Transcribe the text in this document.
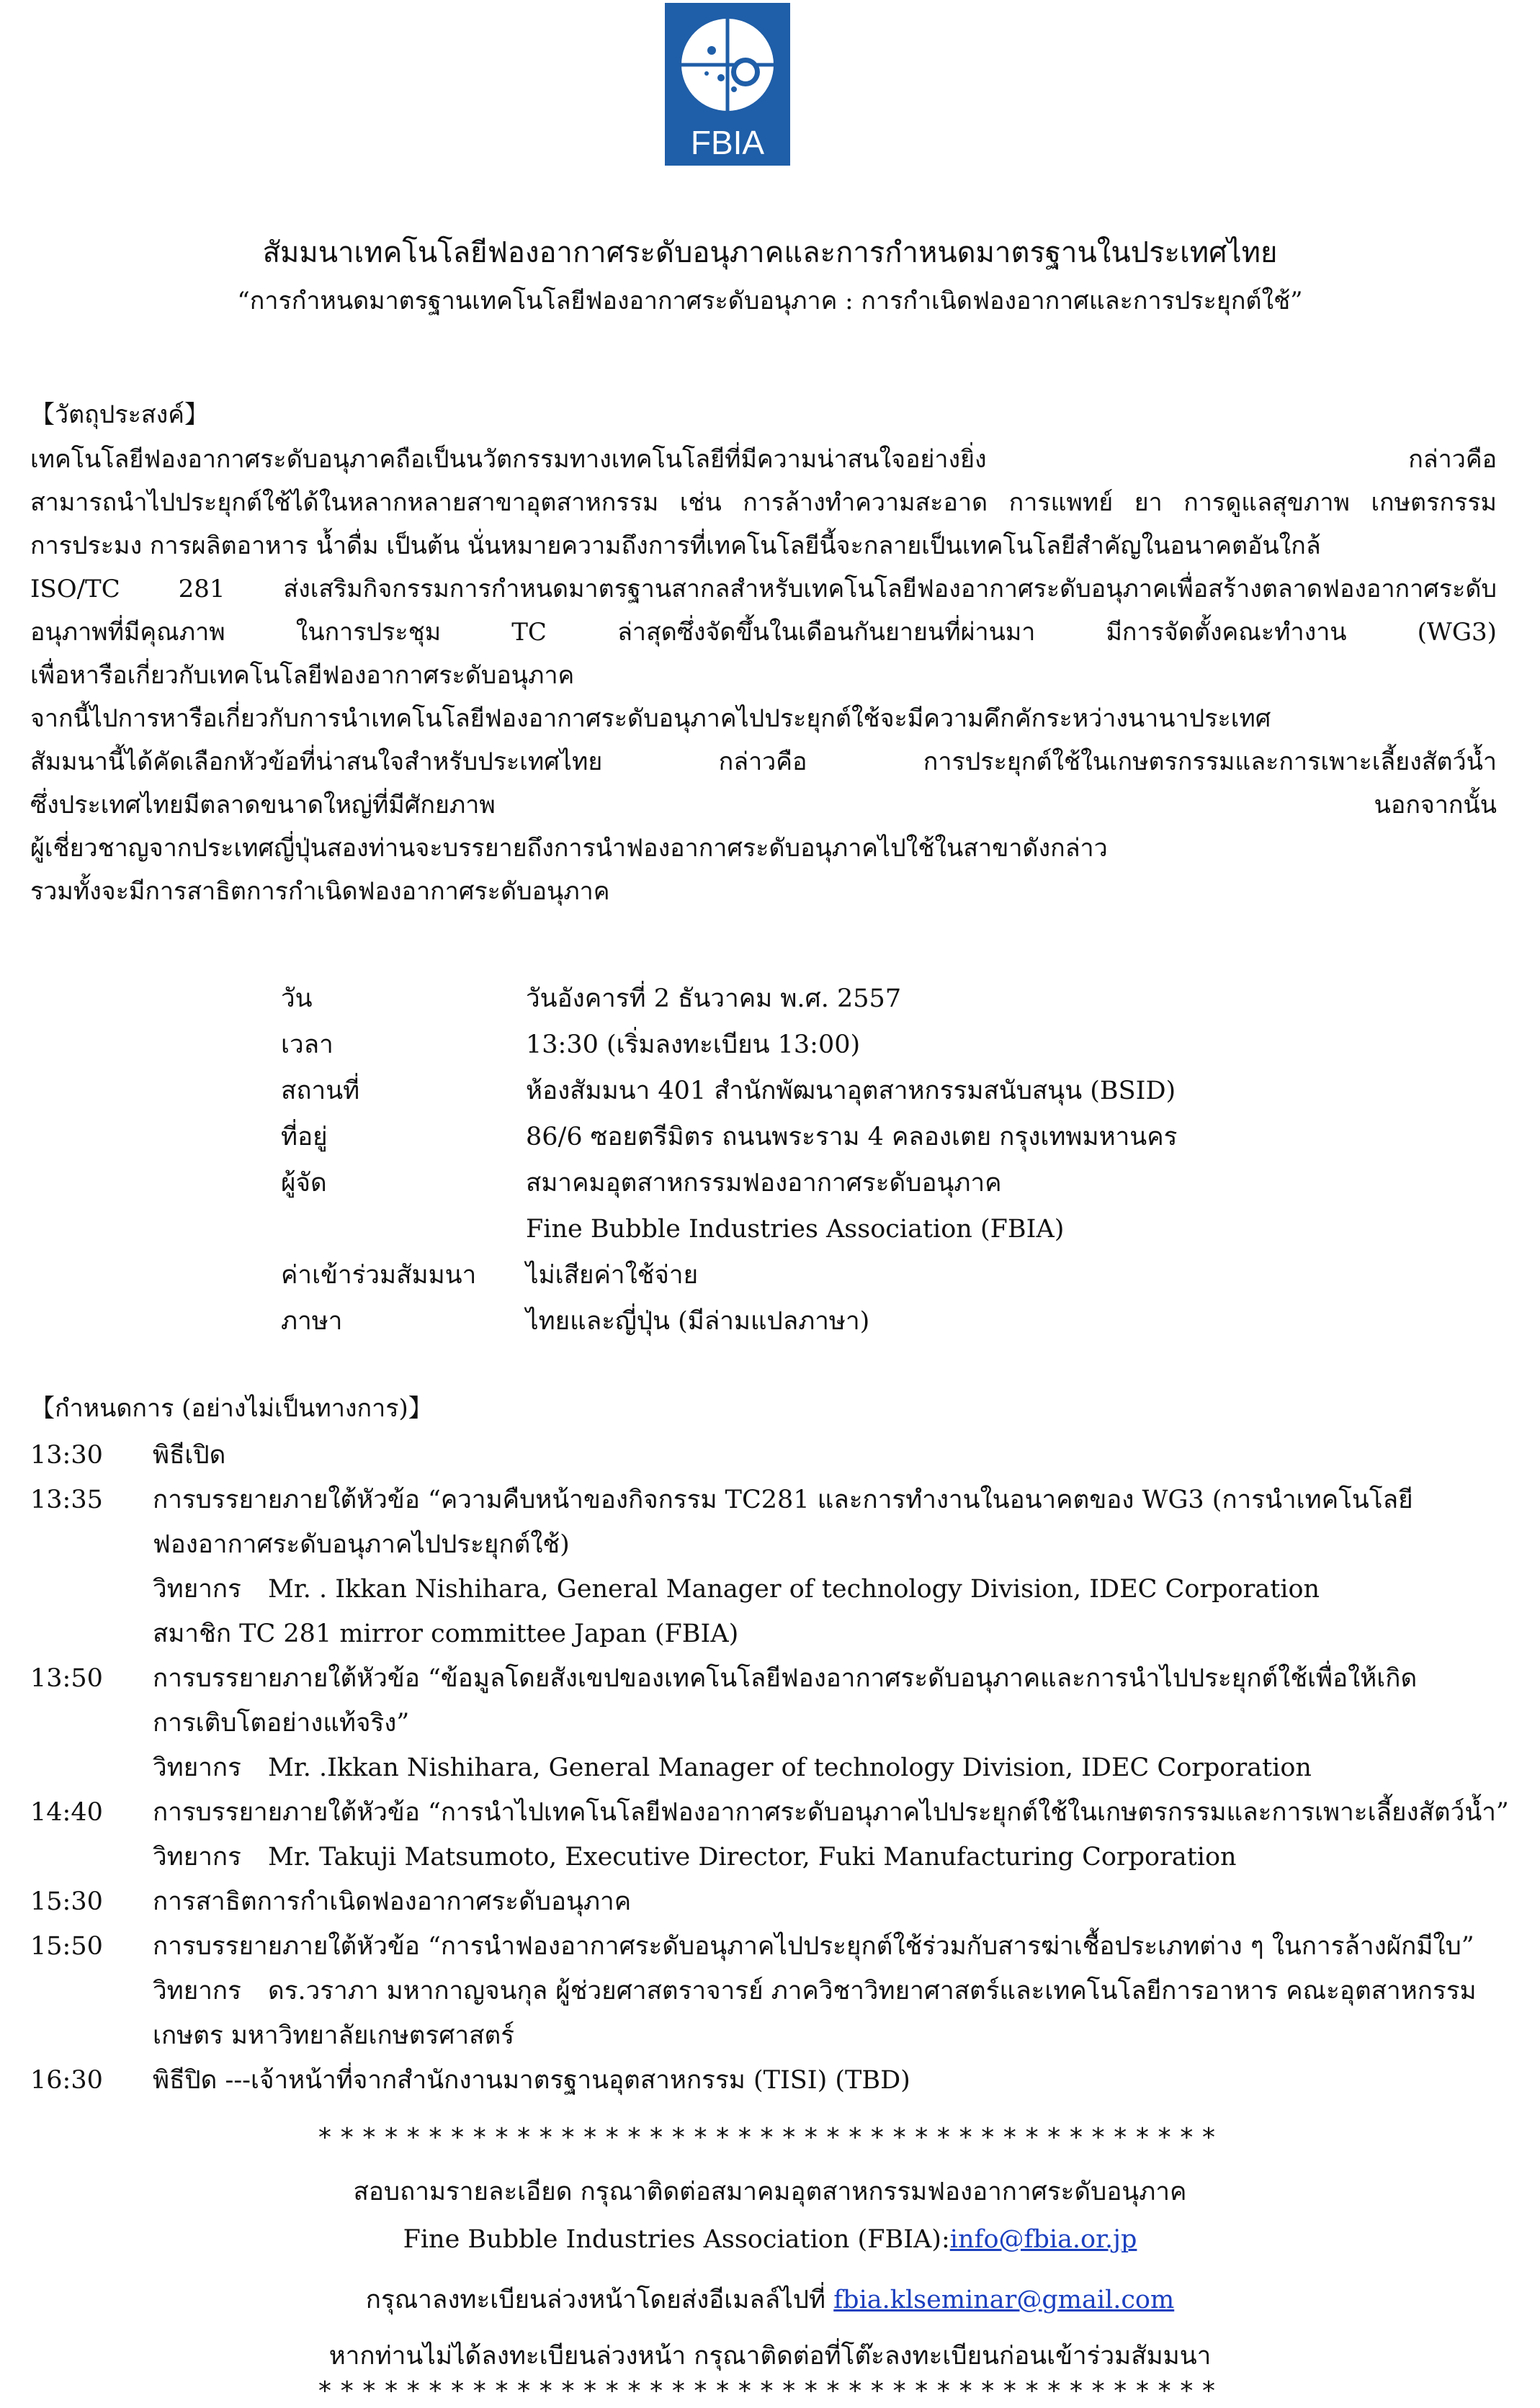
FBIA
สัมมนาเทคโนโลยีฟองอากาศระดับอนุภาคและการกำหนดมาตรฐานในประเทศไทย
“การกำหนดมาตรฐานเทคโนโลยีฟองอากาศระดับอนุภาค : การกำเนิดฟองอากาศและการประยุกต์ใช้”
【วัตถุประสงค์】
เทคโนโลยีฟองอากาศระดับอนุภาคถือเป็นนวัตกรรมทางเทคโนโลยีที่มีความน่าสนใจอย่างยิ่ง	กล่าวคือ
สามารถนำไปประยุกต์ใช้ได้ในหลากหลายสาขาอุตสาหกรรม เช่น การล้างทำความสะอาด การแพทย์ ยา การดูแลสุขภาพ เกษตรกรรม
การประมง การผลิตอาหาร น้ำดื่ม เป็นต้น นั่นหมายความถึงการที่เทคโนโลยีนี้จะกลายเป็นเทคโนโลยีสำคัญในอนาคตอันใกล้
ISO/TC 281 ส่งเสริมกิจกรรมการกำหนดมาตรฐานสากลสำหรับเทคโนโลยีฟองอากาศระดับอนุภาคเพื่อสร้างตลาดฟองอากาศระดับ
อนุภาพที่มีคุณภาพ	ในการประชุม	TC	ล่าสุดซึ่งจัดขึ้นในเดือนกันยายนที่ผ่านมา	มีการจัดตั้งคณะทำงาน	(WG3)
เพื่อหารือเกี่ยวกับเทคโนโลยีฟองอากาศระดับอนุภาค
จากนี้ไปการหารือเกี่ยวกับการนำเทคโนโลยีฟองอากาศระดับอนุภาคไปประยุกต์ใช้จะมีความคึกคักระหว่างนานาประเทศ
สัมมนานี้ได้คัดเลือกหัวข้อที่น่าสนใจสำหรับประเทศไทย	กล่าวคือ	การประยุกต์ใช้ในเกษตรกรรมและการเพาะเลี้ยงสัตว์น้ำ
ซึ่งประเทศไทยมีตลาดขนาดใหญ่ที่มีศักยภาพ	นอกจากนั้น
ผู้เชี่ยวชาญจากประเทศญี่ปุ่นสองท่านจะบรรยายถึงการนำฟองอากาศระดับอนุภาคไปใช้ในสาขาดังกล่าว
รวมทั้งจะมีการสาธิตการกำเนิดฟองอากาศระดับอนุภาค
วัน	วันอังคารที่ 2 ธันวาคม พ.ศ. 2557
เวลา	13:30 (เริ่มลงทะเบียน 13:00)
สถานที่	ห้องสัมมนา 401 สำนักพัฒนาอุตสาหกรรมสนับสนุน (BSID)
ที่อยู่	86/6 ซอยตรีมิตร ถนนพระราม 4 คลองเตย กรุงเทพมหานคร
ผู้จัด	สมาคมอุตสาหกรรมฟองอากาศระดับอนุภาค
Fine Bubble Industries Association (FBIA)
ค่าเข้าร่วมสัมมนา	ไม่เสียค่าใช้จ่าย
ภาษา	ไทยและญี่ปุ่น (มีล่ามแปลภาษา)
【กำหนดการ (อย่างไม่เป็นทางการ)】
13:30	พิธีเปิด
13:35	การบรรยายภายใต้หัวข้อ “ความคืบหน้าของกิจกรรม TC281 และการทำงานในอนาคตของ WG3 (การนำเทคโนโลยี
ฟองอากาศระดับอนุภาคไปประยุกต์ใช้)
วิทยากร Mr. . Ikkan Nishihara, General Manager of technology Division, IDEC Corporation
สมาชิก TC 281 mirror committee Japan (FBIA)
13:50	การบรรยายภายใต้หัวข้อ “ข้อมูลโดยสังเขปของเทคโนโลยีฟองอากาศระดับอนุภาคและการนำไปประยุกต์ใช้เพื่อให้เกิด
การเติบโตอย่างแท้จริง”
วิทยากร Mr. .Ikkan Nishihara, General Manager of technology Division, IDEC Corporation
14:40	การบรรยายภายใต้หัวข้อ “การนำไปเทคโนโลยีฟองอากาศระดับอนุภาคไปประยุกต์ใช้ในเกษตรกรรมและการเพาะเลี้ยงสัตว์น้ำ”
วิทยากร Mr. Takuji Matsumoto, Executive Director, Fuki Manufacturing Corporation
15:30	การสาธิตการกำเนิดฟองอากาศระดับอนุภาค
15:50	การบรรยายภายใต้หัวข้อ “การนำฟองอากาศระดับอนุภาคไปประยุกต์ใช้ร่วมกับสารฆ่าเชื้อประเภทต่าง ๆ ในการล้างผักมีใบ”
วิทยากร ดร.วราภา มหากาญจนกุล ผู้ช่วยศาสตราจารย์ ภาควิชาวิทยาศาสตร์และเทคโนโลยีการอาหาร คณะอุตสาหกรรม
เกษตร มหาวิทยาลัยเกษตรศาสตร์
16:30	พิธีปิด ---เจ้าหน้าที่จากสำนักงานมาตรฐานอุตสาหกรรม (TISI) (TBD)
*****************************************
สอบถามรายละเอียด กรุณาติดต่อสมาคมอุตสาหกรรมฟองอากาศระดับอนุภาค
Fine Bubble Industries Association (FBIA):info@fbia.or.jp
กรุณาลงทะเบียนล่วงหน้าโดยส่งอีเมลล์ไปที่ fbia.klseminar@gmail.com
หากท่านไม่ได้ลงทะเบียนล่วงหน้า กรุณาติดต่อที่โต๊ะลงทะเบียนก่อนเข้าร่วมสัมมนา
*****************************************
